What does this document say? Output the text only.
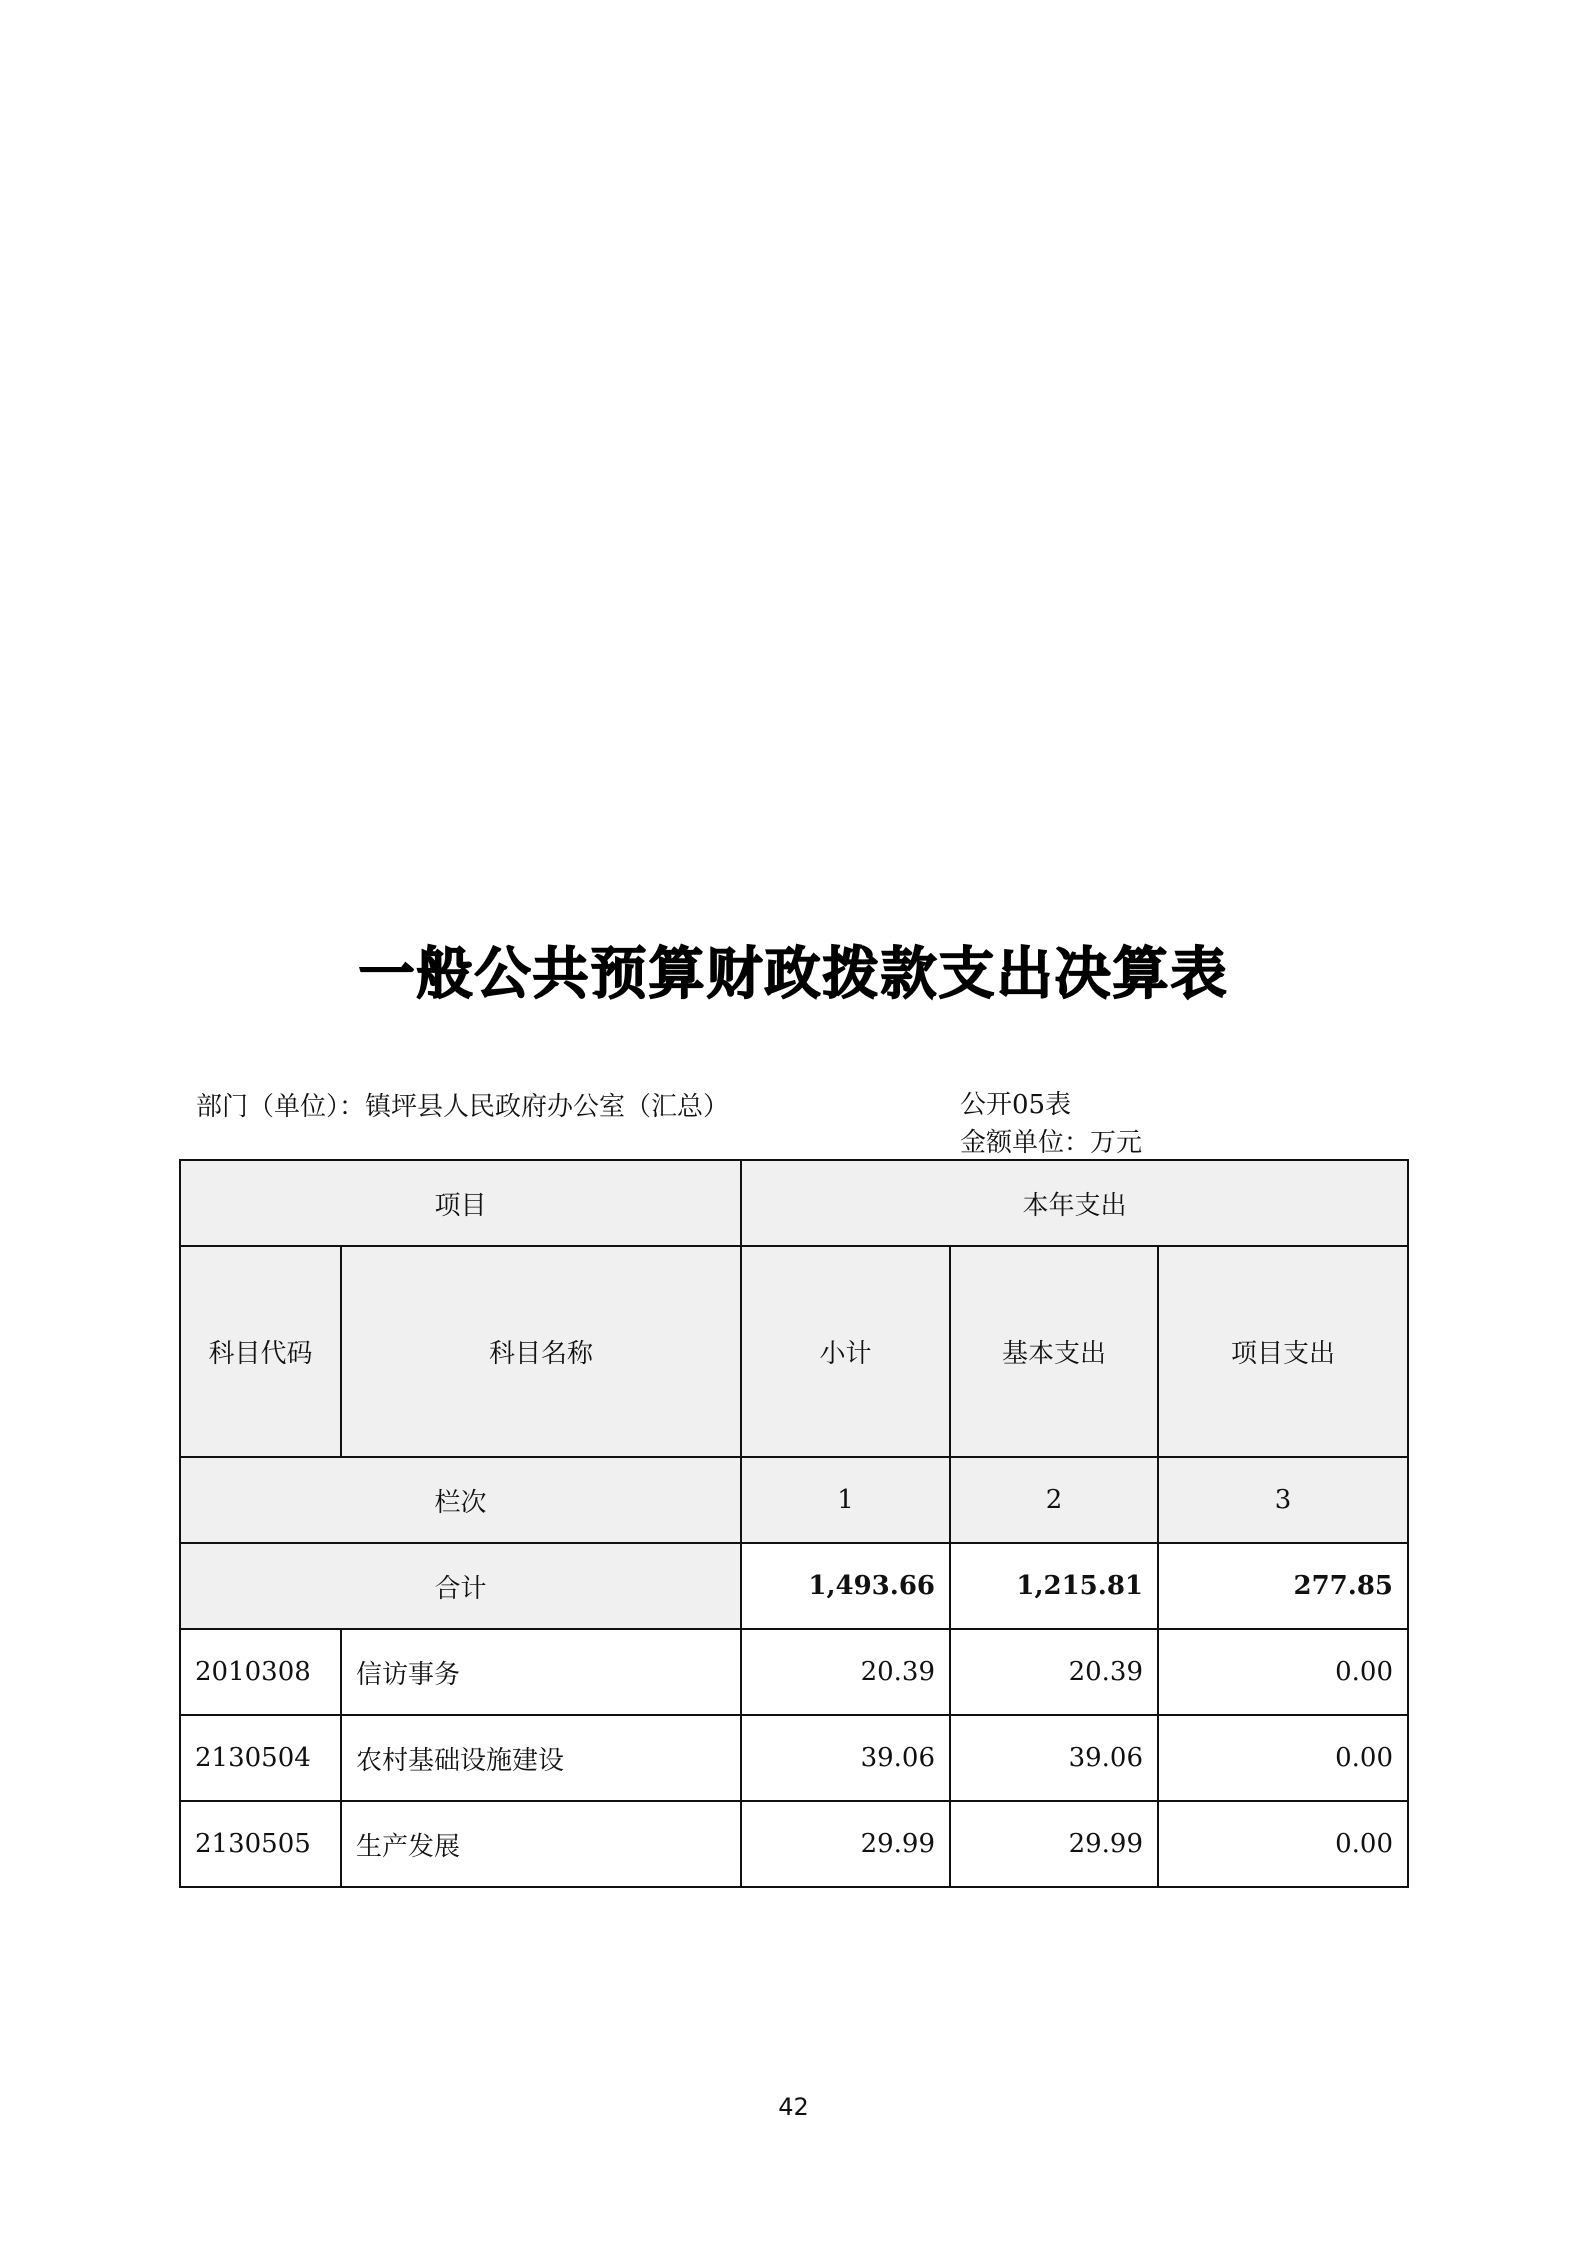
一般公共预算财政拨款支出决算表
部门（单位）：镇坪县人民政府办公室（汇总）	公开05表
金额单位：万元
项目		本年支出		
科目代码	科目名称	小计	基本支出	项目支出
栏次		1	2	3
合计		1,493.66	1,215.81	277.85
2010308	信访事务	20.39	20.39	0.00
2130504	农村基础设施建设	39.06	39.06	0.00
2130505	生产发展	29.99	29.99	0.00
42
